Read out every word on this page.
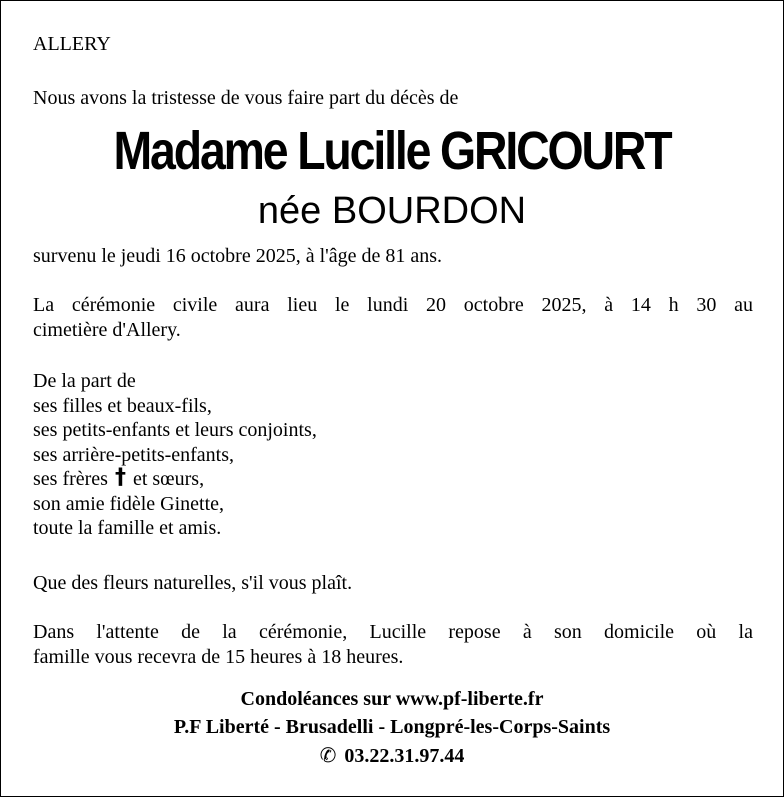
ALLERY
Nous avons la tristesse de vous faire part du décès de
Madame Lucille GRICOURT
née BOURDON
survenu le jeudi 16 octobre 2025, à l'âge de 81 ans.
La cérémonie civile aura lieu le lundi 20 octobre 2025, à 14 h 30 au
cimetière d'Allery.
De la part de
ses filles et beaux-fils,
ses petits-enfants et leurs conjoints,
ses arrière-petits-enfants,
ses frères † et sœurs,
son amie fidèle Ginette,
toute la famille et amis.
Que des fleurs naturelles, s'il vous plaît.
Dans l'attente de la cérémonie, Lucille repose à son domicile où la
famille vous recevra de 15 heures à 18 heures.
Condoléances sur www.pf-liberte.fr
P.F Liberté - Brusadelli - Longpré-les-Corps-Saints
✆ 03.22.31.97.44
